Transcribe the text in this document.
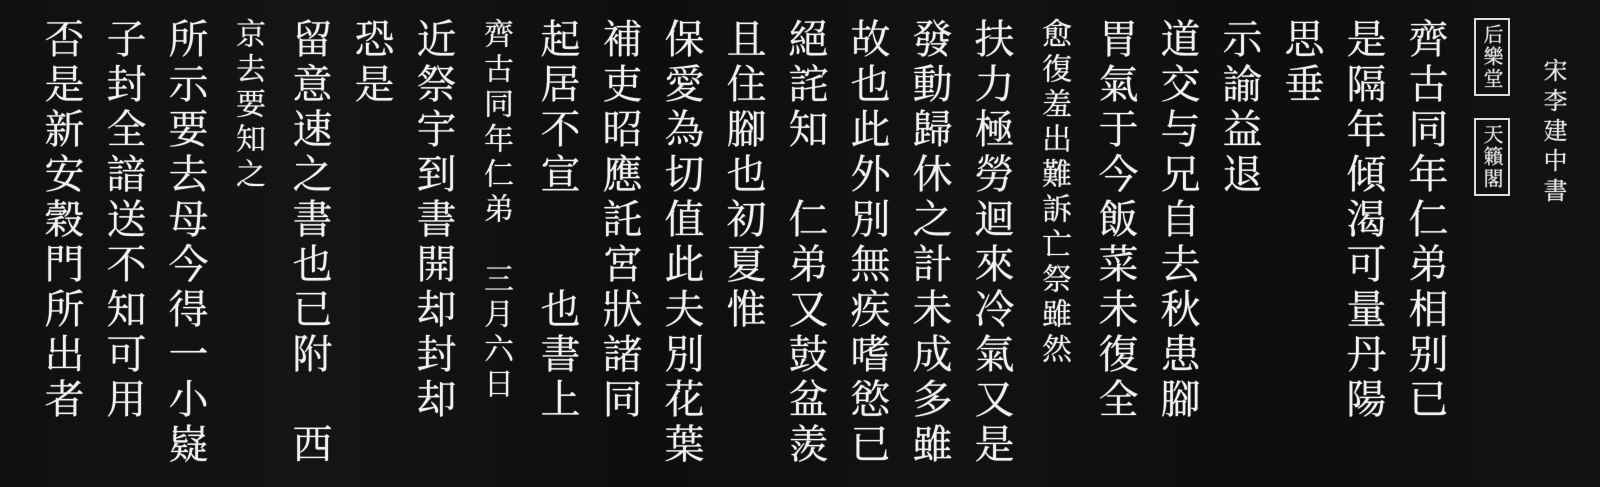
宋李建中書
后樂堂
天籟閣
齊古同年仁弟相别已
是隔年傾渴可量丹陽
思垂
示諭益退
道交与兄自去秋患腳
胃氣于今飯菜未復全
愈復羞出難訴亡祭雖然
扶力極勞迴來冷氣又是
發動歸休之計未成多雖
故也此外別無疾嗜慾已
絕詫知　仁弟又鼓盆羨
且住腳也初夏惟
保愛為切值此夫別花葉
補吏昭應託宮狀諸同
起居不宣　　也書上
齊古同年仁弟　三月六日
近祭宇到書開却封却
恐是
留意速之書也已附　西
京去要知之
所示要去母今得一小嶷
子封全諳送不知可用
否是新安穀門所出者
